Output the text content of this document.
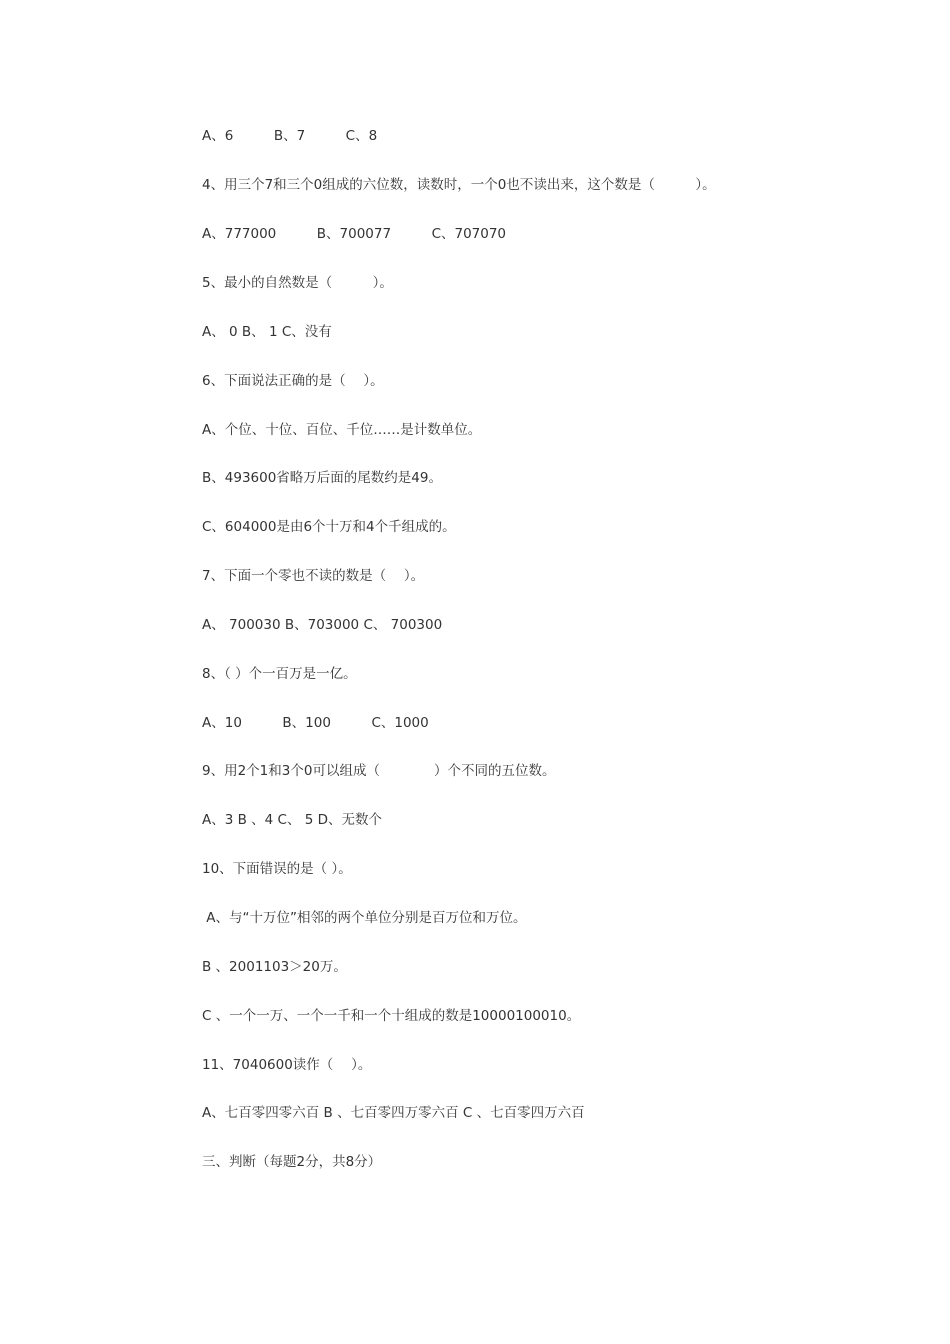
A、6　　　B、7　　　C、8
4、用三个7和三个0组成的六位数，读数时，一个0也不读出来，这个数是（　　　）。
A、777000　　　B、700077　　　C、707070
5、最小的自然数是（　　　）。
A、 0 B、 1 C、没有
6、下面说法正确的是（　 ）。
A、个位、十位、百位、千位……是计数单位。
B、493600省略万后面的尾数约是49。
C、604000是由6个十万和4个千组成的。
7、下面一个零也不读的数是（　 ）。
A、 700030 B、703000 C、 700300
8、（ ）个一百万是一亿。
A、10　　　B、100　　　C、1000
9、用2个1和3个0可以组成（　　　　）个不同的五位数。
A、3 B 、4 C、 5 D、无数个
10、下面错误的是（ ）。
A、与“十万位”相邻的两个单位分别是百万位和万位。
B 、2001103＞20万。
C 、一个一万、一个一千和一个十组成的数是10000100010。
11、7040600读作（　 ）。
A、七百零四零六百 B 、七百零四万零六百 C 、七百零四万六百
三、判断（每题2分，共8分）
